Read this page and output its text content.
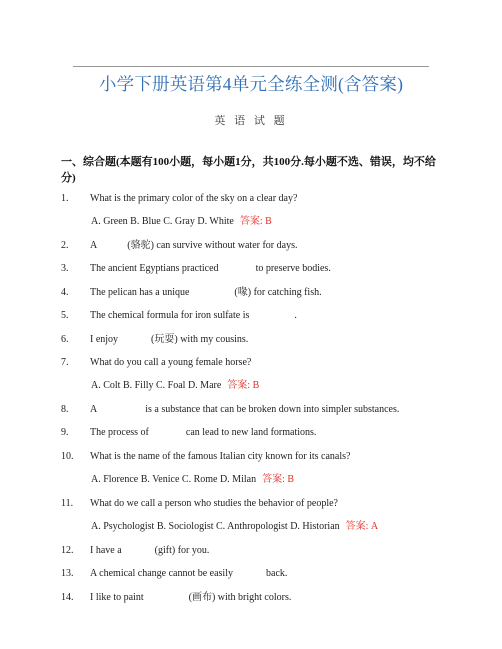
小学下册英语第4单元全练全测(含答案)
英 语 试 题
一、综合题(本题有100小题，每小题1分，共100分.每小题不选、错误，均不给分)
1. What is the primary color of the sky on a clear day?
A. Green B. Blue C. Gray D. White 答案: B
2. A	(骆驼) can survive without water for days.
3. The ancient Egyptians practiced	to preserve bodies.
4. The pelican has a unique	(喙) for catching fish.
5. The chemical formula for iron sulfate is	.
6. I enjoy	(玩耍) with my cousins.
7. What do you call a young female horse?
A. Colt B. Filly C. Foal D. Mare 答案: B
8. A	is a substance that can be broken down into simpler substances.
9. The process of	can lead to new land formations.
10. What is the name of the famous Italian city known for its canals?
A. Florence B. Venice C. Rome D. Milan 答案: B
11. What do we call a person who studies the behavior of people?
A. Psychologist B. Sociologist C. Anthropologist D. Historian 答案: A
12. I have a	(gift) for you.
13. A chemical change cannot be easily	back.
14. I like to paint	(画布) with bright colors.
